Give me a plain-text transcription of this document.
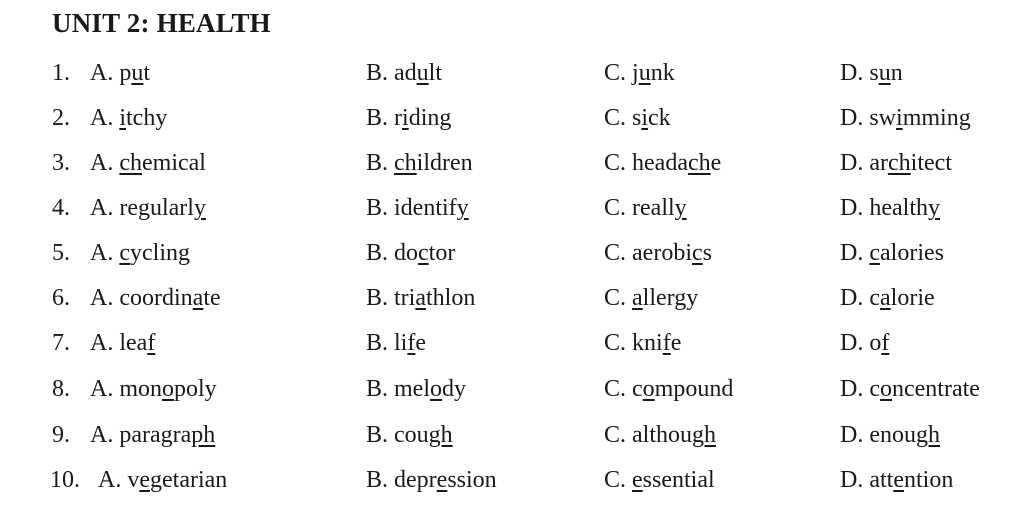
UNIT 2: HEALTH
1. A. put	B. adult	C. junk	D. sun
2. A. itchy	B. riding	C. sick	D. swimming
3. A. chemical	B. children	C. headache	D. architect
4. A. regularly	B. identify	C. really	D. healthy
5. A. cycling	B. doctor	C. aerobics	D. calories
6. A. coordinate	B. triathlon	C. allergy	D. calorie
7. A. leaf	B. life	C. knife	D. of
8. A. monopoly	B. melody	C. compound	D. concentrate
9. A. paragraph	B. cough	C. although	D. enough
10. A. vegetarian	B. depression	C. essential	D. attention
